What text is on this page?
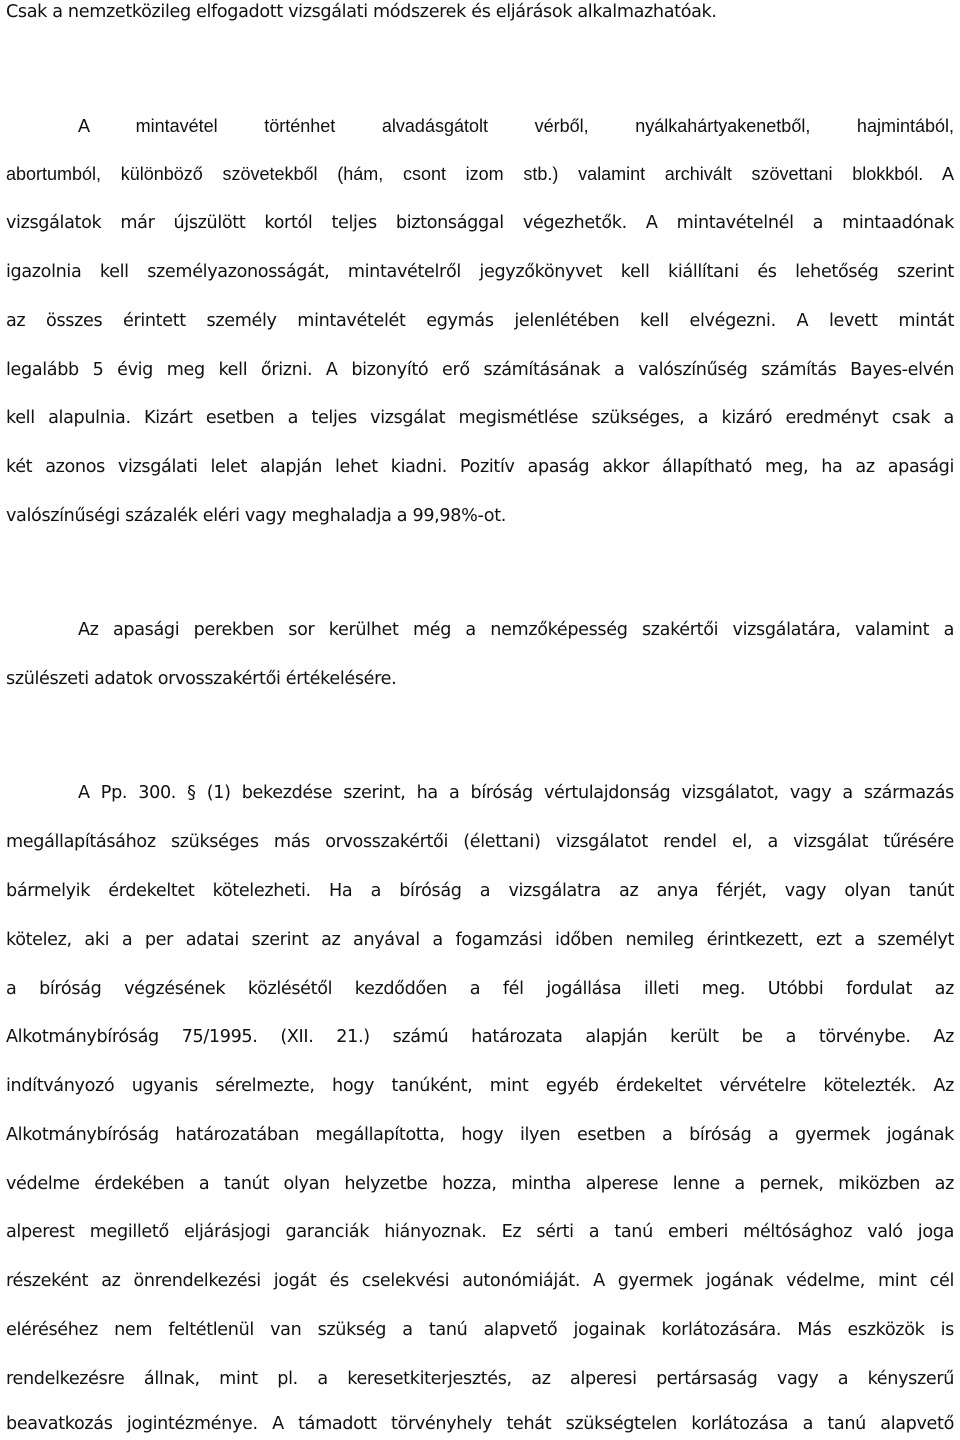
Csak a nemzetközileg elfogadott vizsgálati módszerek és eljárások alkalmazhatóak.
A mintavétel történhet alvadásgátolt vérből, nyálkahártyakenetből, hajmintából,
abortumból, különböző szövetekből (hám, csont izom stb.) valamint archivált szövettani blokkból. A
vizsgálatok már újszülött kortól teljes biztonsággal végezhetők. A mintavételnél a mintaadónak
igazolnia kell személyazonosságát, mintavételről jegyzőkönyvet kell kiállítani és lehetőség szerint
az összes érintett személy mintavételét egymás jelenlétében kell elvégezni. A levett mintát
legalább 5 évig meg kell őrizni. A bizonyító erő számításának a valószínűség számítás Bayes-elvén
kell alapulnia. Kizárt esetben a teljes vizsgálat megismétlése szükséges, a kizáró eredményt csak a
két azonos vizsgálati lelet alapján lehet kiadni. Pozitív apaság akkor állapítható meg, ha az apasági
valószínűségi százalék eléri vagy meghaladja a 99,98%-ot.
Az apasági perekben sor kerülhet még a nemzőképesség szakértői vizsgálatára, valamint a
szülészeti adatok orvosszakértői értékelésére.
A Pp. 300. § (1) bekezdése szerint, ha a bíróság vértulajdonság vizsgálatot, vagy a származás
megállapításához szükséges más orvosszakértői (élettani) vizsgálatot rendel el, a vizsgálat tűrésére
bármelyik érdekeltet kötelezheti. Ha a bíróság a vizsgálatra az anya férjét, vagy olyan tanút
kötelez, aki a per adatai szerint az anyával a fogamzási időben nemileg érintkezett, ezt a személyt
a bíróság végzésének közlésétől kezdődően a fél jogállása illeti meg. Utóbbi fordulat az
Alkotmánybíróság 75/1995. (XII. 21.) számú határozata alapján került be a törvénybe. Az
indítványozó ugyanis sérelmezte, hogy tanúként, mint egyéb érdekeltet vérvételre kötelezték. Az
Alkotmánybíróság határozatában megállapította, hogy ilyen esetben a bíróság a gyermek jogának
védelme érdekében a tanút olyan helyzetbe hozza, mintha alperese lenne a pernek, miközben az
alperest megillető eljárásjogi garanciák hiányoznak. Ez sérti a tanú emberi méltósághoz való joga
részeként az önrendelkezési jogát és cselekvési autonómiáját. A gyermek jogának védelme, mint cél
eléréséhez nem feltétlenül van szükség a tanú alapvető jogainak korlátozására. Más eszközök is
rendelkezésre állnak, mint pl. a keresetkiterjesztés, az alperesi pertársaság vagy a kényszerű
beavatkozás jogintézménye. A támadott törvényhely tehát szükségtelen korlátozása a tanú alapvető
